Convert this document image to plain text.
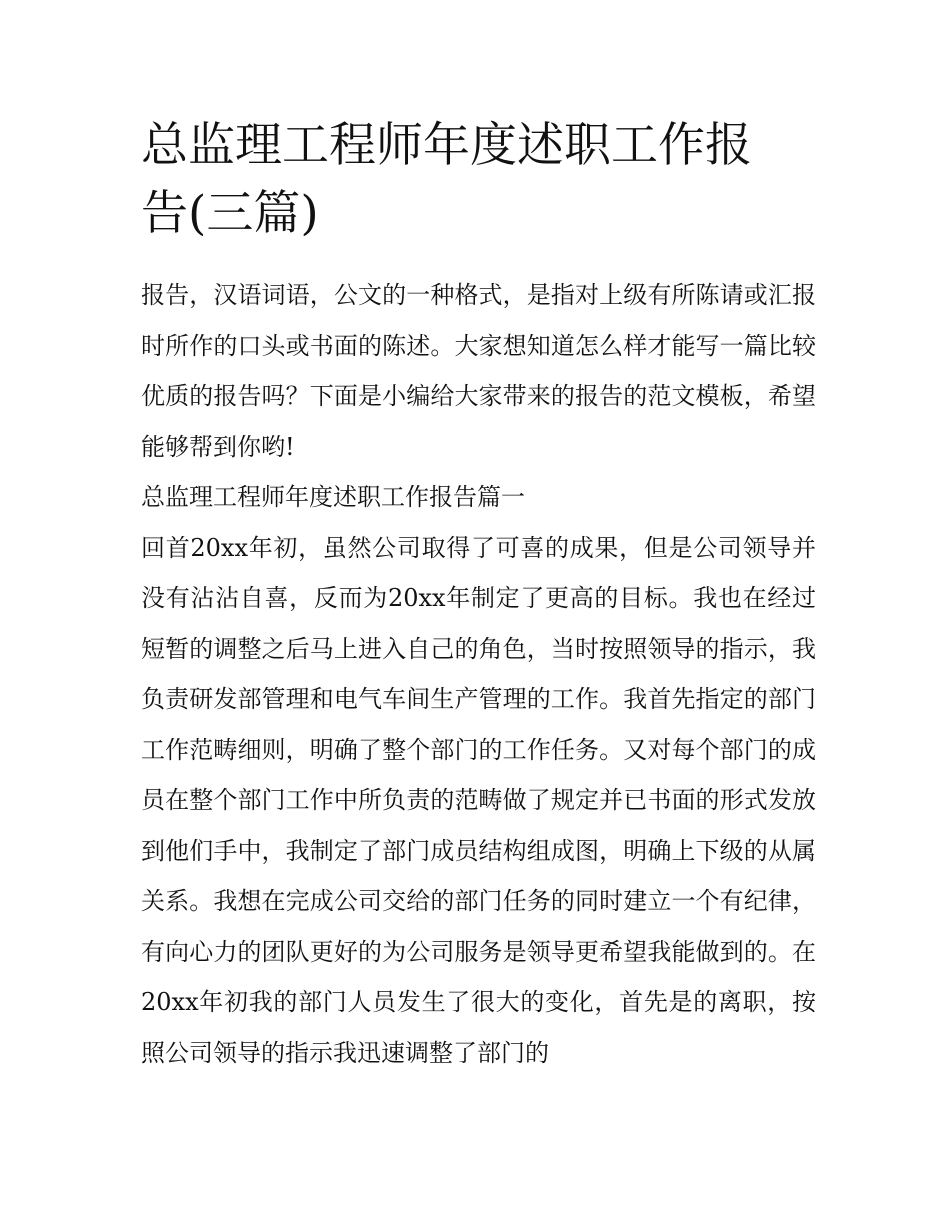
总监理工程师年度述职工作报告(三篇)

报告，汉语词语，公文的一种格式，是指对上级有所陈请或汇报时所作的口头或书面的陈述。大家想知道怎么样才能写一篇比较优质的报告吗？下面是小编给大家带来的报告的范文模板，希望能够帮到你哟!

总监理工程师年度述职工作报告篇一

回首20xx年初，虽然公司取得了可喜的成果，但是公司领导并没有沾沾自喜，反而为20xx年制定了更高的目标。我也在经过短暂的调整之后马上进入自己的角色，当时按照领导的指示，我负责研发部管理和电气车间生产管理的工作。我首先指定的部门工作范畴细则，明确了整个部门的工作任务。又对每个部门的成员在整个部门工作中所负责的范畴做了规定并已书面的形式发放到他们手中，我制定了部门成员结构组成图，明确上下级的从属关系。我想在完成公司交给的部门任务的同时建立一个有纪律，有向心力的团队更好的为公司服务是领导更希望我能做到的。在20xx年初我的部门人员发生了很大的变化，首先是的离职，按照公司领导的指示我迅速调整了部门的
